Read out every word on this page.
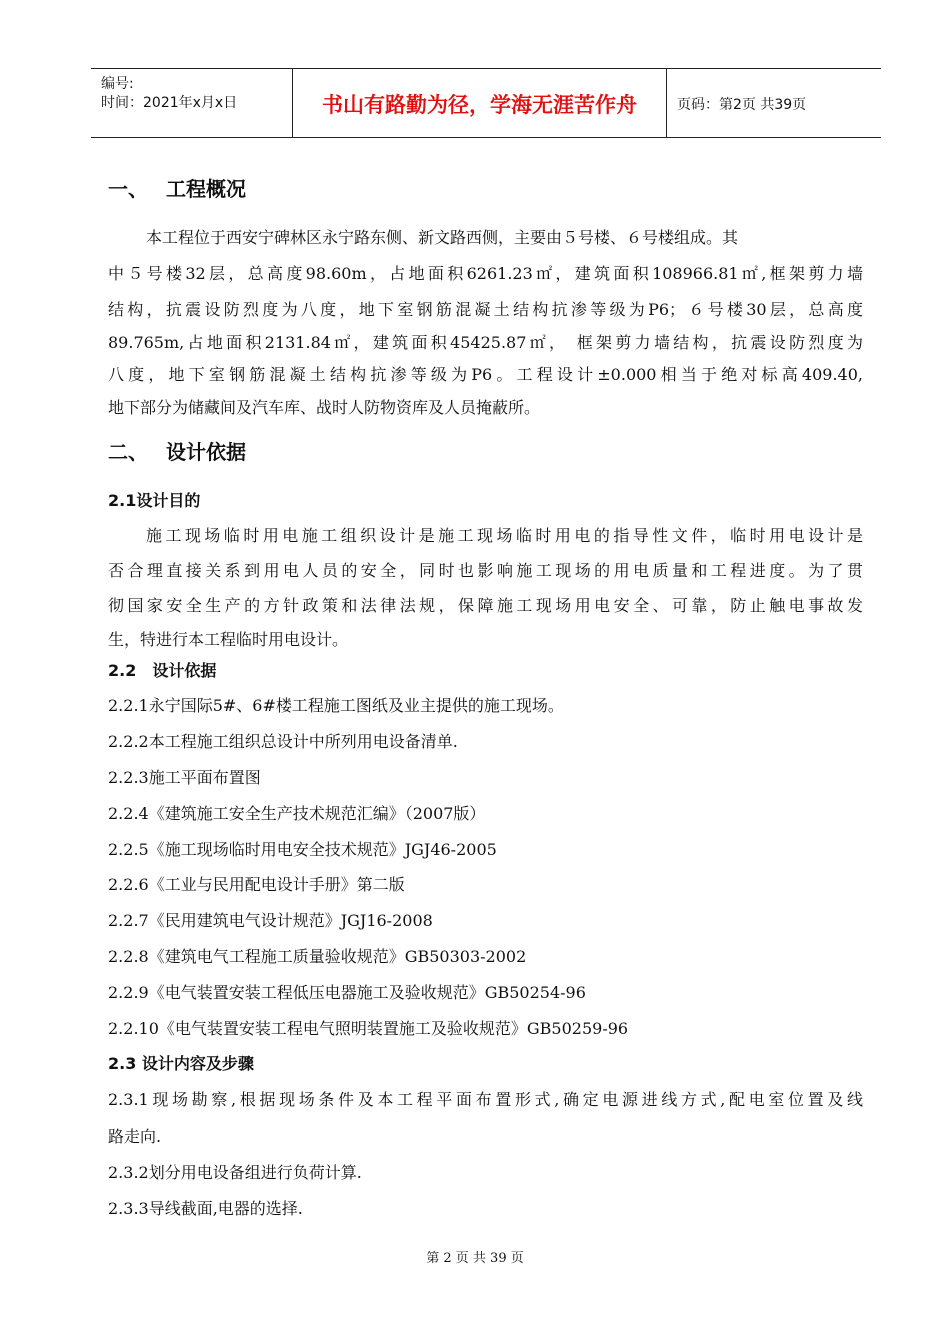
编号:
时间：2021年x月x日	书山有路勤为径，学海无涯苦作舟	页码：第2页 共39页
一、 工程概况
本工程位于西安宁碑林区永宁路东侧、新文路西侧，主要由５号楼、６号楼组成。其
中５号楼32层，总高度98.60m，占地面积6261.23㎡，建筑面积108966.81㎡,框架剪力墙
结构，抗震设防烈度为八度，地下室钢筋混凝土结构抗渗等级为P6；６号楼30层，总高度
89.765m,占地面积2131.84㎡，建筑面积45425.87㎡， 框架剪力墙结构，抗震设防烈度为
八度，地下室钢筋混凝土结构抗渗等级为P6。工程设计±0.000相当于绝对标高409.40,
地下部分为储藏间及汽车库、战时人防物资库及人员掩蔽所。
二、 设计依据
2.1设计目的
施工现场临时用电施工组织设计是施工现场临时用电的指导性文件，临时用电设计是
否合理直接关系到用电人员的安全，同时也影响施工现场的用电质量和工程进度。为了贯
彻国家安全生产的方针政策和法律法规，保障施工现场用电安全、可靠，防止触电事故发
生，特进行本工程临时用电设计。
2.2　设计依据
2.2.1永宁国际5#、6#楼工程施工图纸及业主提供的施工现场。
2.2.2本工程施工组织总设计中所列用电设备清单.
2.2.3施工平面布置图
2.2.4《建筑施工安全生产技术规范汇编》（2007版）
2.2.5《施工现场临时用电安全技术规范》JGJ46-2005
2.2.6《工业与民用配电设计手册》第二版
2.2.7《民用建筑电气设计规范》JGJ16-2008
2.2.8《建筑电气工程施工质量验收规范》GB50303-2002
2.2.9《电气装置安装工程低压电器施工及验收规范》GB50254-96
2.2.10《电气装置安装工程电气照明装置施工及验收规范》GB50259-96
2.3 设计内容及步骤
2.3.1现场勘察,根据现场条件及本工程平面布置形式,确定电源进线方式,配电室位置及线
路走向.
2.3.2划分用电设备组进行负荷计算.
2.3.3导线截面,电器的选择.
第 2 页 共 39 页
